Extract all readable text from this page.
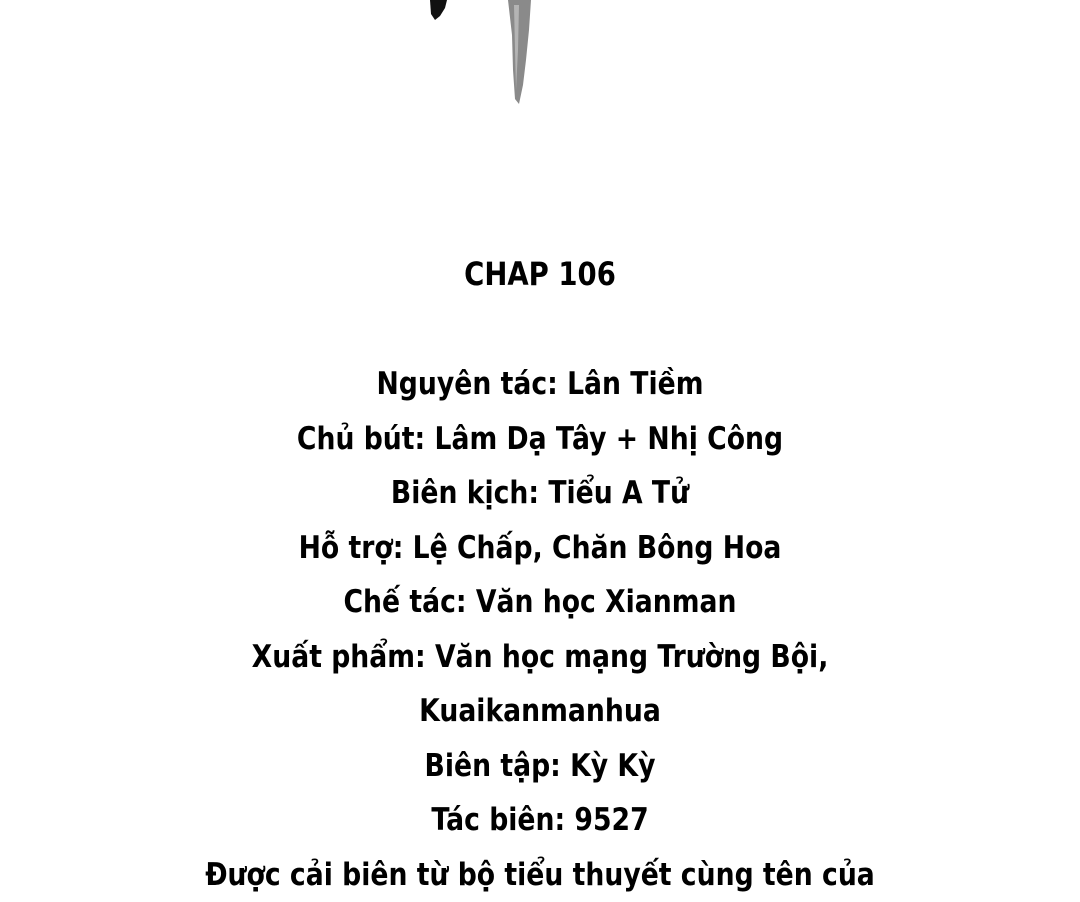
CHAP 106
Nguyên tác: Lân Tiềm
Chủ bút: Lâm Dạ Tây + Nhị Công
Biên kịch: Tiểu A Tử
Hỗ trợ: Lệ Chấp, Chăn Bông Hoa
Chế tác: Văn học Xianman
Xuất phẩm: Văn học mạng Trường Bội,
Kuaikanmanhua
Biên tập: Kỳ Kỳ
Tác biên: 9527
Được cải biên từ bộ tiểu thuyết cùng tên của
